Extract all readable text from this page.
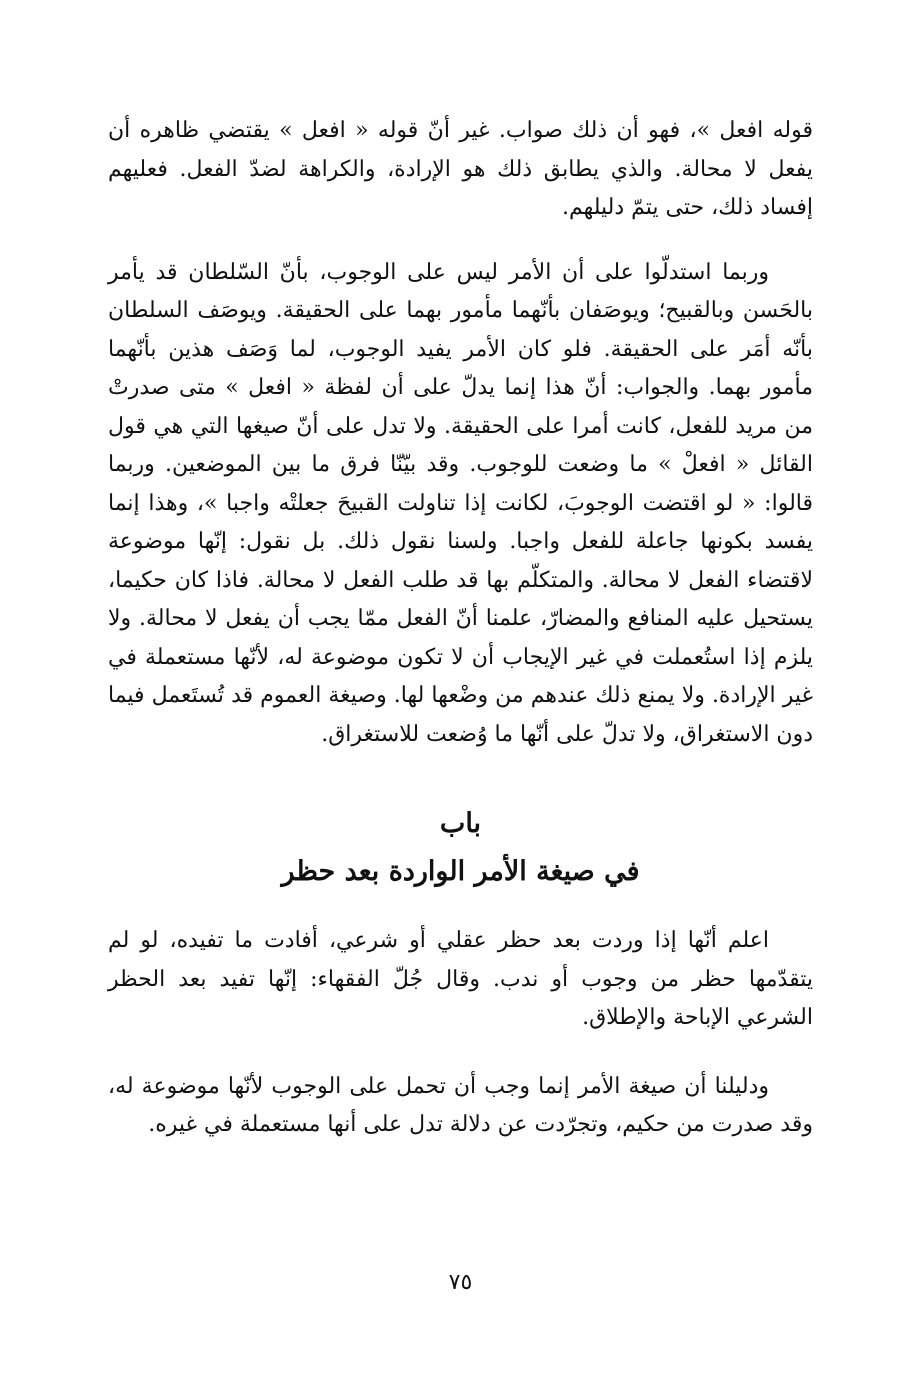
قوله افعل »، فهو أن ذلك صواب. غير أنّ قوله « افعل » يقتضي ظاهره أن يفعل لا محالة. والذي يطابق ذلك هو الإرادة، والكراهة لضدّ الفعل. فعليهم إفساد ذلك، حتى يتمّ دليلهم.

وربما استدلّوا على أن الأمر ليس على الوجوب، بأنّ السّلطان قد يأمر بالحَسن وبالقبيح؛ ويوصَفان بأنّهما مأمور بهما على الحقيقة. ويوصَف السلطان بأنّه أمَر على الحقيقة. فلو كان الأمر يفيد الوجوب، لما وَصَف هذين بأنّهما مأمور بهما. والجواب: أنّ هذا إنما يدلّ على أن لفظة « افعل » متى صدرتْ من مريد للفعل، كانت أمرا على الحقيقة. ولا تدل على أنّ صيغها التي هي قول القائل « افعلْ » ما وضعت للوجوب. وقد بيّنّا فرق ما بين الموضعين. وربما قالوا: « لو اقتضت الوجوبَ، لكانت إذا تناولت القبيحَ جعلتْه واجبا »، وهذا إنما يفسد بكونها جاعلة للفعل واجبا. ولسنا نقول ذلك. بل نقول: إنّها موضوعة لاقتضاء الفعل لا محالة. والمتكلّم بها قد طلب الفعل لا محالة. فاذا كان حكيما، يستحيل عليه المنافع والمضارّ، علمنا أنّ الفعل ممّا يجب أن يفعل لا محالة. ولا يلزم إذا استُعملت في غير الإيجاب أن لا تكون موضوعة له، لأنّها مستعملة في غير الإرادة. ولا يمنع ذلك عندهم من وضْعها لها. وصيغة العموم قد تُستَعمل فيما دون الاستغراق، ولا تدلّ على أنّها ما وُضعت للاستغراق.

باب
في صيغة الأمر الواردة بعد حظر

اعلم أنّها إذا وردت بعد حظر عقلي أو شرعي، أفادت ما تفيده، لو لم يتقدّمها حظر من وجوب أو ندب. وقال جُلّ الفقهاء: إنّها تفيد بعد الحظر الشرعي الإباحة والإطلاق.

ودليلنا أن صيغة الأمر إنما وجب أن تحمل على الوجوب لأنّها موضوعة له، وقد صدرت من حكيم، وتجرّدت عن دلالة تدل على أنها مستعملة في غيره.

٧٥
